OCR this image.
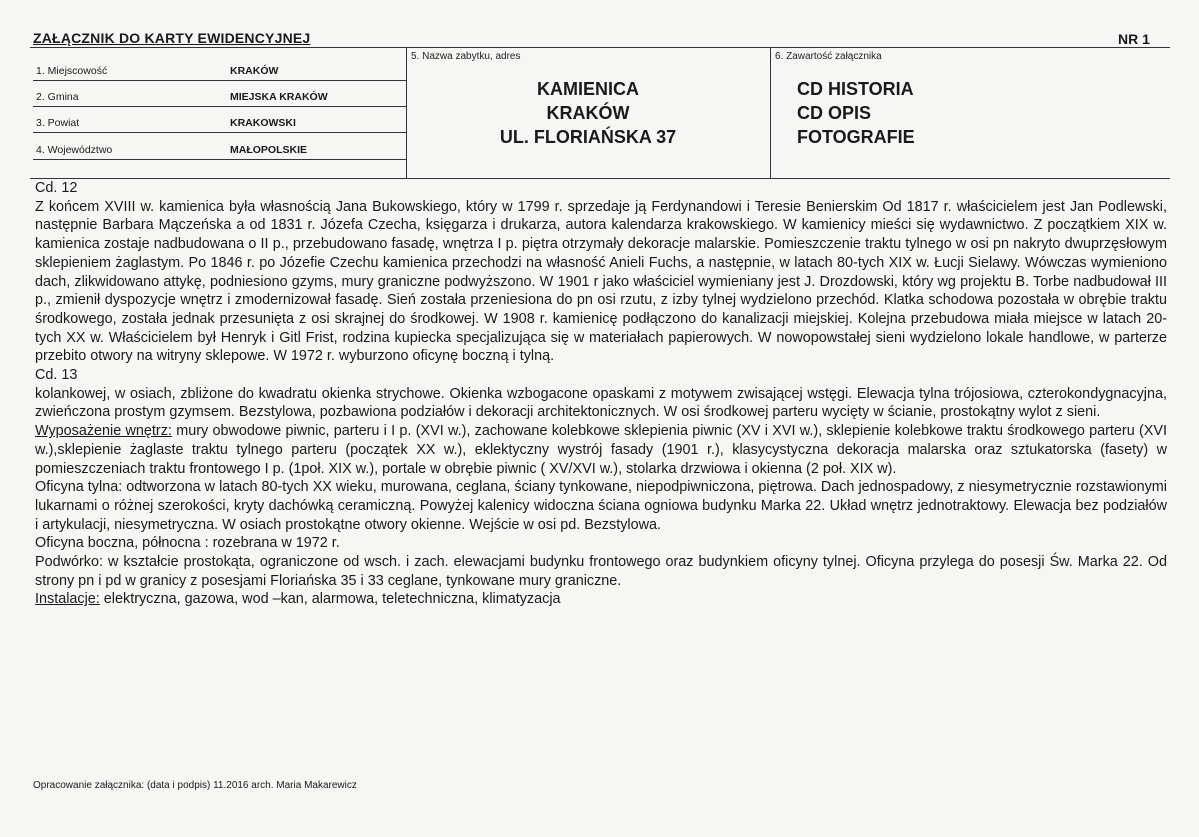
ZAŁĄCZNIK DO KARTY EWIDENCYJNEJ	NR 1
1. Miejscowość	KRAKÓW
2. Gmina	MIEJSKA KRAKÓW
3. Powiat	KRAKOWSKI
4. Województwo	MAŁOPOLSKIE
5. Nazwa zabytku, adres
KAMIENICA
KRAKÓW
UL. FLORIAŃSKA 37
6. Zawartość załącznika
CD HISTORIA
CD OPIS
FOTOGRAFIE

Cd. 12

Z końcem XVIII w. kamienica była własnością Jana Bukowskiego, który w 1799 r. sprzedaje ją Ferdynandowi i Teresie Benierskim Od 1817 r. właścicielem jest Jan Podlewski, następnie Barbara Mączeńska a od 1831 r. Józefa Czecha, księgarza i drukarza, autora kalendarza krakowskiego. W kamienicy mieści się wydawnictwo. Z początkiem XIX w. kamienica zostaje nadbudowana o II p., przebudowano fasadę, wnętrza I p. piętra otrzymały dekoracje malarskie. Pomieszczenie traktu tylnego w osi pn nakryto dwuprzęsłowym sklepieniem żaglastym. Po 1846 r. po Józefie Czechu kamienica przechodzi na własność Anieli Fuchs, a następnie, w latach 80-tych XIX w. Łucji Sielawy. Wówczas wymieniono dach, zlikwidowano attykę, podniesiono gzyms, mury graniczne podwyższono. W 1901 r jako właściciel wymieniany jest J. Drozdowski, który wg projektu B. Torbe nadbudował III p., zmienił dyspozycje wnętrz i zmodernizował fasadę. Sień została przeniesiona do pn osi rzutu, z izby tylnej wydzielono przechód. Klatka schodowa pozostała w obrębie traktu środkowego, została jednak przesunięta z osi skrajnej do środkowej. W 1908 r. kamienicę podłączono do kanalizacji miejskiej. Kolejna przebudowa miała miejsce w latach 20-tych XX w. Właścicielem był Henryk i Gitl Frist, rodzina kupiecka specjalizująca się w materiałach papierowych. W nowopowstałej sieni wydzielono lokale handlowe, w parterze przebito otwory na witryny sklepowe. W 1972 r. wyburzono oficynę boczną i tylną.

Cd. 13

kolankowej, w osiach, zbliżone do kwadratu okienka strychowe. Okienka wzbogacone opaskami z motywem zwisającej wstęgi. Elewacja tylna trójosiowa, czterokondygnacyjna, zwieńczona prostym gzymsem. Bezstylowa, pozbawiona podziałów i dekoracji architektonicznych. W osi środkowej parteru wycięty w ścianie, prostokątny wylot z sieni.

Wyposażenie wnętrz: mury obwodowe piwnic, parteru i I p. (XVI w.), zachowane kolebkowe sklepienia piwnic (XV i XVI w.), sklepienie kolebkowe traktu środkowego parteru (XVI w.),sklepienie żaglaste traktu tylnego parteru (początek XX w.), eklektyczny wystrój fasady (1901 r.), klasycystyczna dekoracja malarska oraz sztukatorska (fasety) w pomieszczeniach traktu frontowego I p. (1poł. XIX w.), portale w obrębie piwnic ( XV/XVI w.), stolarka drzwiowa i okienna (2 poł. XIX w).

Oficyna tylna: odtworzona w latach 80-tych XX wieku, murowana, ceglana, ściany tynkowane, niepodpiwniczona, piętrowa. Dach jednospadowy, z niesymetrycznie rozstawionymi lukarnami o różnej szerokości, kryty dachówką ceramiczną. Powyżej kalenicy widoczna ściana ogniowa budynku Marka 22. Układ wnętrz jednotraktowy. Elewacja bez podziałów i artykulacji, niesymetryczna. W osiach prostokątne otwory okienne. Wejście w osi pd. Bezstylowa.

Oficyna boczna, północna : rozebrana w 1972 r.

Podwórko: w kształcie prostokąta, ograniczone od wsch. i zach. elewacjami budynku frontowego oraz budynkiem oficyny tylnej. Oficyna przylega do posesji Św. Marka 22. Od strony pn i pd w granicy z posesjami Floriańska 35 i 33 ceglane, tynkowane mury graniczne.

Instalacje: elektryczna, gazowa, wod –kan, alarmowa, teletechniczna, klimatyzacja

Opracowanie załącznika: (data i podpis) 11.2016 arch. Maria Makarewicz
